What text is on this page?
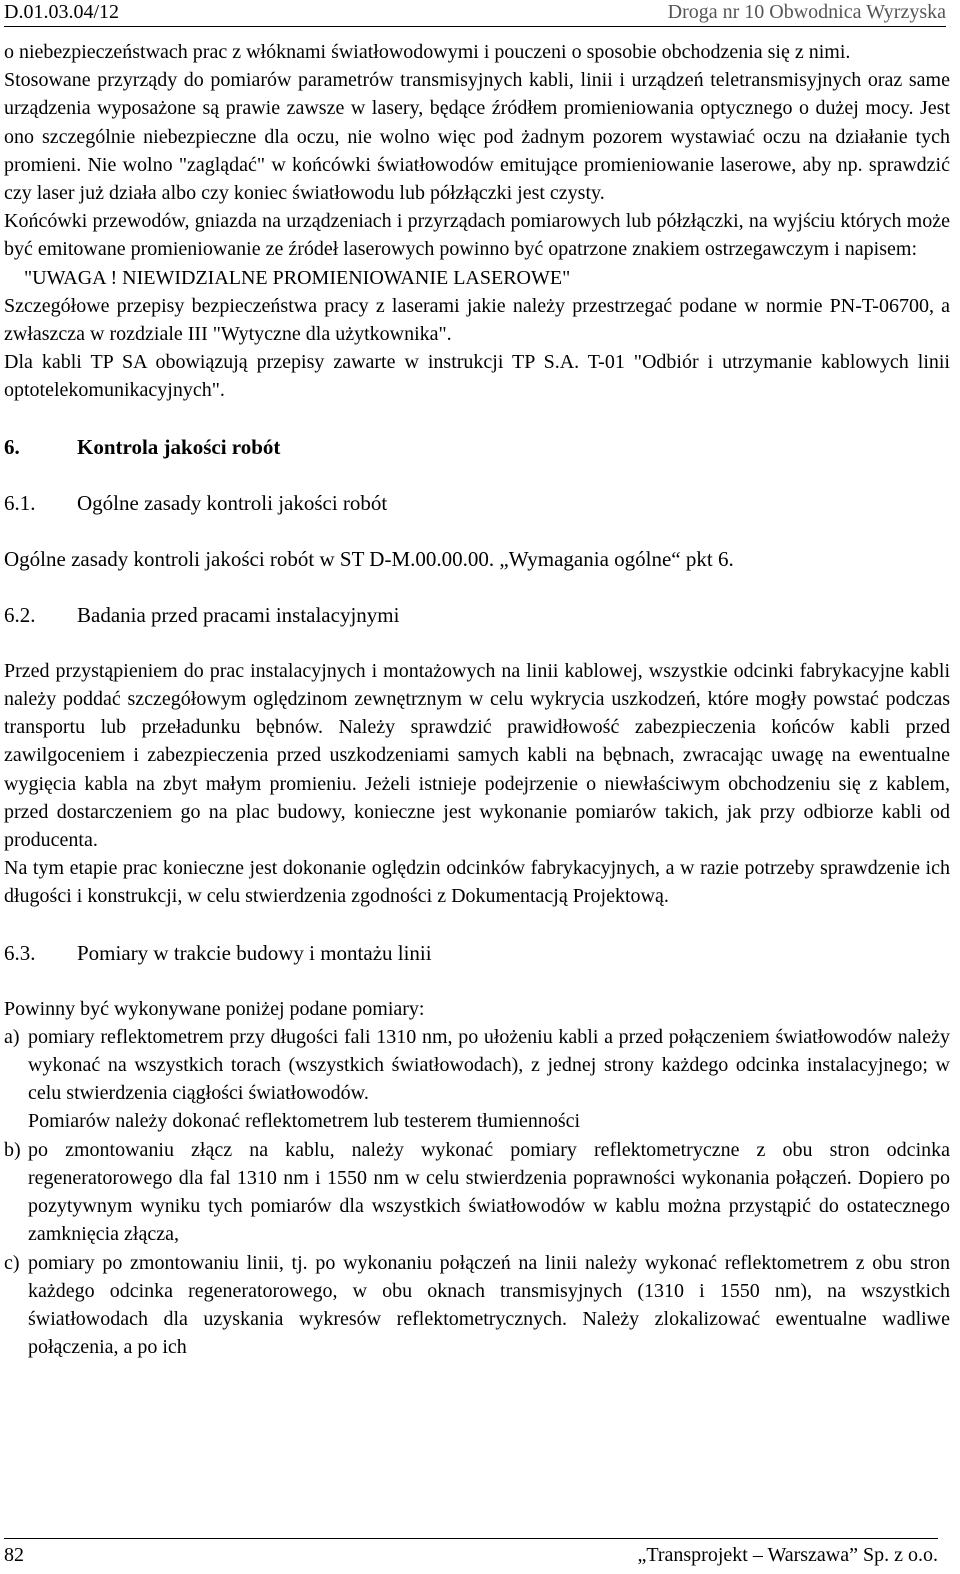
D.01.03.04/12	Droga nr 10 Obwodnica Wyrzyska

o niebezpieczeństwach prac z włóknami światłowodowymi i pouczeni o sposobie obchodzenia się z nimi.

Stosowane przyrządy do pomiarów parametrów transmisyjnych kabli, linii i urządzeń teletransmisyjnych oraz same urządzenia wyposażone są prawie zawsze w lasery, będące źródłem promieniowania optycznego o dużej mocy. Jest ono szczególnie niebezpieczne dla oczu, nie wolno więc pod żadnym pozorem wystawiać oczu na działanie tych promieni. Nie wolno "zaglądać" w końcówki światłowodów emitujące promieniowanie laserowe, aby np. sprawdzić czy laser już działa albo czy koniec światłowodu lub półzłączki jest czysty.

Końcówki przewodów, gniazda na urządzeniach i przyrządach pomiarowych lub półzłączki, na wyjściu których może być emitowane promieniowanie ze źródeł laserowych powinno być opatrzone znakiem ostrzegawczym i napisem:

"UWAGA ! NIEWIDZIALNE PROMIENIOWANIE LASEROWE"

Szczegółowe przepisy bezpieczeństwa pracy z laserami jakie należy przestrzegać podane w normie PN-T-06700, a zwłaszcza w rozdziale III "Wytyczne dla użytkownika".

Dla kabli TP SA obowiązują przepisy zawarte w instrukcji TP S.A. T-01 "Odbiór i utrzymanie kablowych linii optotelekomunikacyjnych".

6.	Kontrola jakości robót
6.1.	Ogólne zasady kontroli jakości robót

Ogólne zasady kontroli jakości robót w ST D-M.00.00.00. „Wymagania ogólne“ pkt 6.

6.2.	Badania przed pracami instalacyjnymi

Przed przystąpieniem do prac instalacyjnych i montażowych na linii kablowej, wszystkie odcinki fabrykacyjne kabli należy poddać szczegółowym oględzinom zewnętrznym w celu wykrycia uszkodzeń, które mogły powstać podczas transportu lub przeładunku bębnów. Należy sprawdzić prawidłowość zabezpieczenia końców kabli przed zawilgoceniem i zabezpieczenia przed uszkodzeniami samych kabli na bębnach, zwracając uwagę na ewentualne wygięcia kabla na zbyt małym promieniu. Jeżeli istnieje podejrzenie o niewłaściwym obchodzeniu się z kablem, przed dostarczeniem go na plac budowy, konieczne jest wykonanie pomiarów takich, jak przy odbiorze kabli od producenta.

Na tym etapie prac konieczne jest dokonanie oględzin odcinków fabrykacyjnych, a w razie potrzeby sprawdzenie ich długości i konstrukcji, w celu stwierdzenia zgodności z Dokumentacją Projektową.

6.3.	Pomiary w trakcie budowy i montażu linii

Powinny być wykonywane poniżej podane pomiary:

a) pomiary reflektometrem przy długości fali 1310 nm, po ułożeniu kabli a przed połączeniem światłowodów należy wykonać na wszystkich torach (wszystkich światłowodach), z jednej strony każdego odcinka instalacyjnego; w celu stwierdzenia ciągłości światłowodów.
Pomiarów należy dokonać reflektometrem lub testerem tłumienności
b) po zmontowaniu złącz na kablu, należy wykonać pomiary reflektometryczne z obu stron odcinka regeneratorowego dla fal 1310 nm i 1550 nm w celu stwierdzenia poprawności wykonania połączeń. Dopiero po pozytywnym wyniku tych pomiarów dla wszystkich światłowodów w kablu można przystąpić do ostatecznego zamknięcia złącza,
c) pomiary po zmontowaniu linii, tj. po wykonaniu połączeń na linii należy wykonać reflektometrem z obu stron każdego odcinka regeneratorowego, w obu oknach transmisyjnych (1310 i 1550 nm), na wszystkich światłowodach dla uzyskania wykresów reflektometrycznych. Należy zlokalizować ewentualne wadliwe połączenia, a po ich
82	„Transprojekt – Warszawa” Sp. z o.o.
